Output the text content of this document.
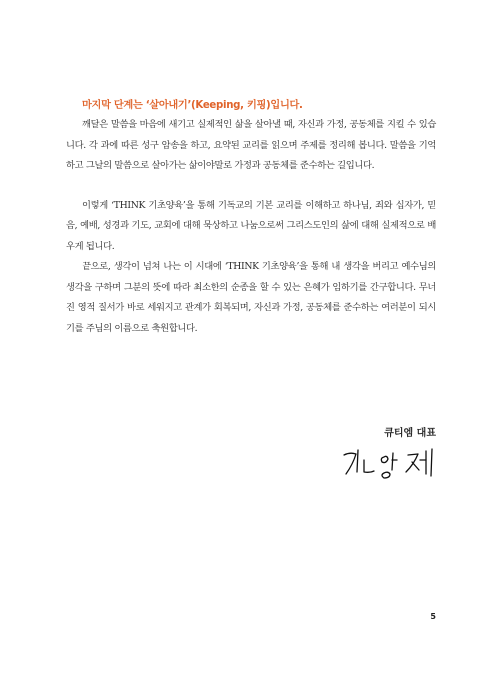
마지막 단계는 ‘살아내기’(Keeping, 키핑)입니다.

깨달은 말씀을 마음에 새기고 실제적인 삶을 살아낼 때, 자신과 가정, 공동체를 지킬 수 있습니다. 각 과에 따른 성구 암송을 하고, 요약된 교리를 읽으며 주제를 정리해 봅니다. 말씀을 기억하고 그날의 말씀으로 살아가는 삶이야말로 가정과 공동체를 준수하는 길입니다.

이렇게 ‘THINK 기초양육’을 통해 기독교의 기본 교리를 이해하고 하나님, 죄와 십자가, 믿음, 예배, 성경과 기도, 교회에 대해 묵상하고 나눔으로써 그리스도인의 삶에 대해 실제적으로 배우게 됩니다.

끝으로, 생각이 넘쳐 나는 이 시대에 ‘THINK 기초양육’을 통해 내 생각을 버리고 예수님의 생각을 구하며 그분의 뜻에 따라 최소한의 순종을 할 수 있는 은혜가 임하기를 간구합니다. 무너진 영적 질서가 바로 세워지고 관계가 회복되며, 자신과 가정, 공동체를 준수하는 여러분이 되시기를 주님의 이름으로 축원합니다.

큐티엠 대표
5
